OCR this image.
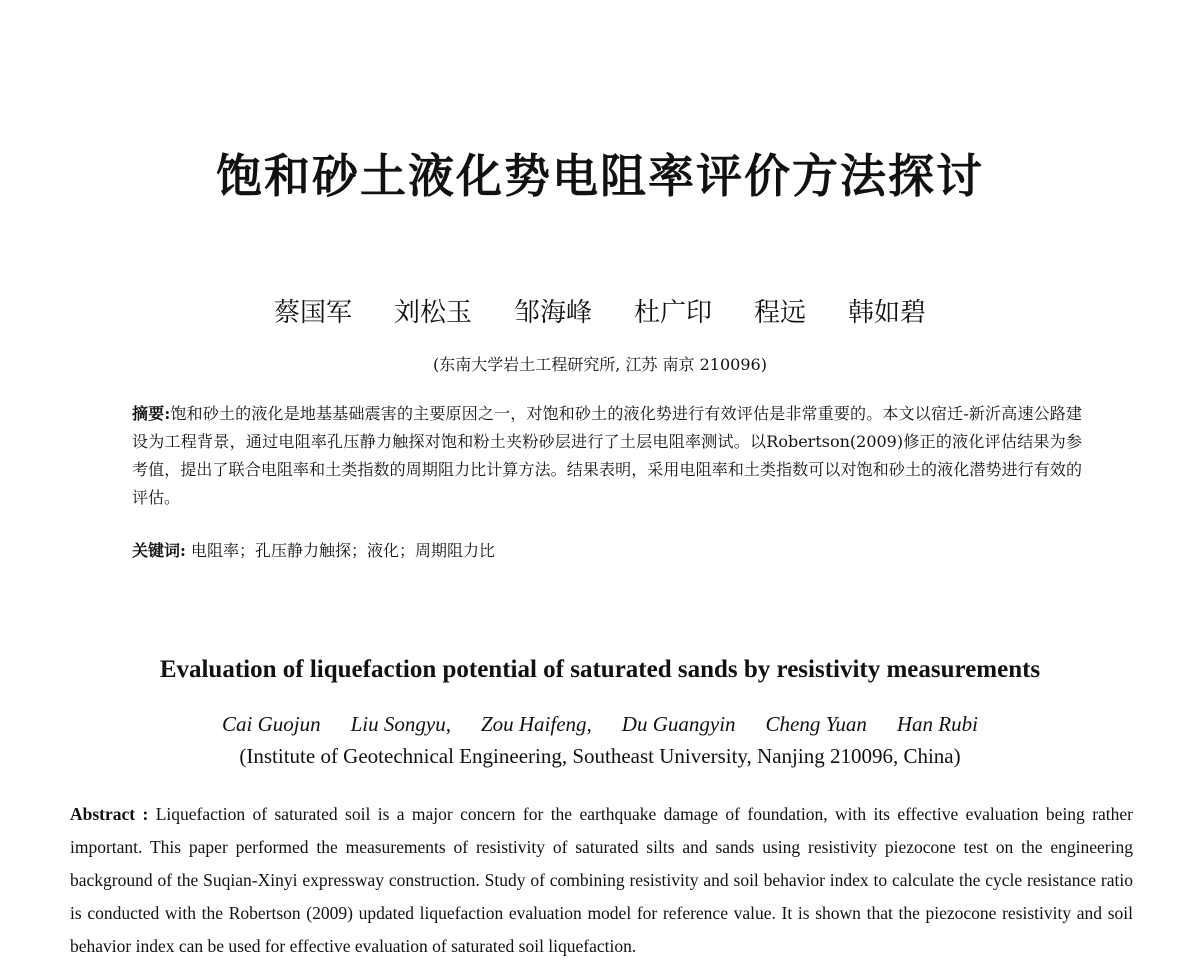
饱和砂土液化势电阻率评价方法探讨
蔡国军 刘松玉 邹海峰 杜广印 程远 韩如碧
(东南大学岩土工程研究所, 江苏 南京 210096)
摘要:饱和砂土的液化是地基基础震害的主要原因之一，对饱和砂土的液化势进行有效评估是非常重要的。本文以宿迁-新沂高速公路建设为工程背景，通过电阻率孔压静力触探对饱和粉土夹粉砂层进行了土层电阻率测试。以Robertson(2009)修正的液化评估结果为参考值，提出了联合电阻率和土类指数的周期阻力比计算方法。结果表明，采用电阻率和土类指数可以对饱和砂土的液化潜势进行有效的评估。
关键词: 电阻率；孔压静力触探；液化；周期阻力比
Evaluation of liquefaction potential of saturated sands by resistivity measurements
Cai Guojun Liu Songyu, Zou Haifeng, Du Guangyin Cheng Yuan Han Rubi
(Institute of Geotechnical Engineering, Southeast University, Nanjing 210096, China)
Abstract : Liquefaction of saturated soil is a major concern for the earthquake damage of foundation, with its effective evaluation being rather important. This paper performed the measurements of resistivity of saturated silts and sands using resistivity piezocone test on the engineering background of the Suqian-Xinyi expressway construction. Study of combining resistivity and soil behavior index to calculate the cycle resistance ratio is conducted with the Robertson (2009) updated liquefaction evaluation model for reference value. It is shown that the piezocone resistivity and soil behavior index can be used for effective evaluation of saturated soil liquefaction.
